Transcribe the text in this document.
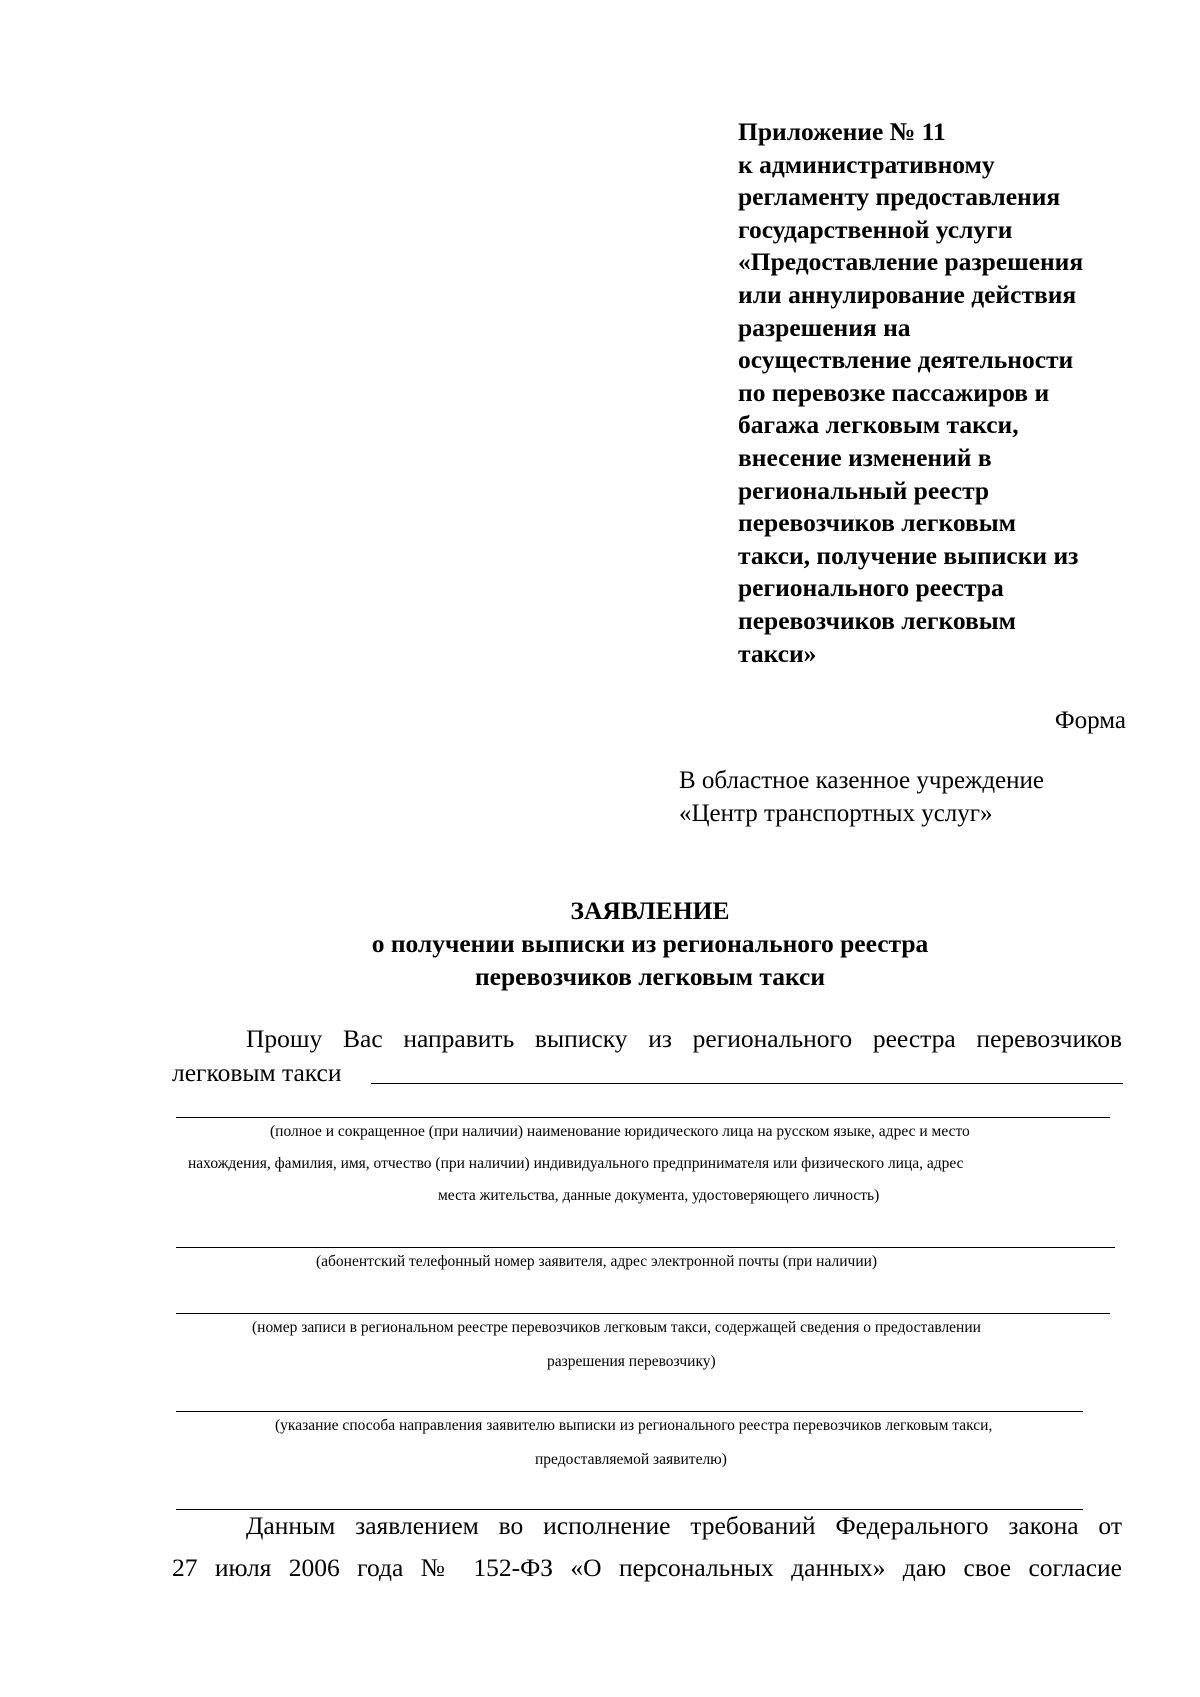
Приложение № 11
к административному
регламенту предоставления
государственной услуги
«Предоставление разрешения
или аннулирование действия
разрешения на
осуществление деятельности
по перевозке пассажиров и
багажа легковым такси,
внесение изменений в
региональный реестр
перевозчиков легковым
такси, получение выписки из
регионального реестра
перевозчиков легковым
такси»
Форма
В областное казенное учреждение
«Центр транспортных услуг»
ЗАЯВЛЕНИЕ
о получении выписки из регионального реестра
перевозчиков легковым такси
Прошу Вас направить выписку из регионального реестра перевозчиков
легковым такси
(полное и сокращенное (при наличии) наименование юридического лица на русском языке, адрес и место
нахождения, фамилия, имя, отчество (при наличии) индивидуального предпринимателя или физического лица, адрес
места жительства, данные документа, удостоверяющего личность)
(абонентский телефонный номер заявителя, адрес электронной почты (при наличии)
(номер записи в региональном реестре перевозчиков легковым такси, содержащей сведения о предоставлении
разрешения перевозчику)
(указание способа направления заявителю выписки из регионального реестра перевозчиков легковым такси,
предоставляемой заявителю)
Данным заявлением во исполнение требований Федерального закона от
27 июля 2006 года № 152-ФЗ «О персональных данных» даю свое согласие
